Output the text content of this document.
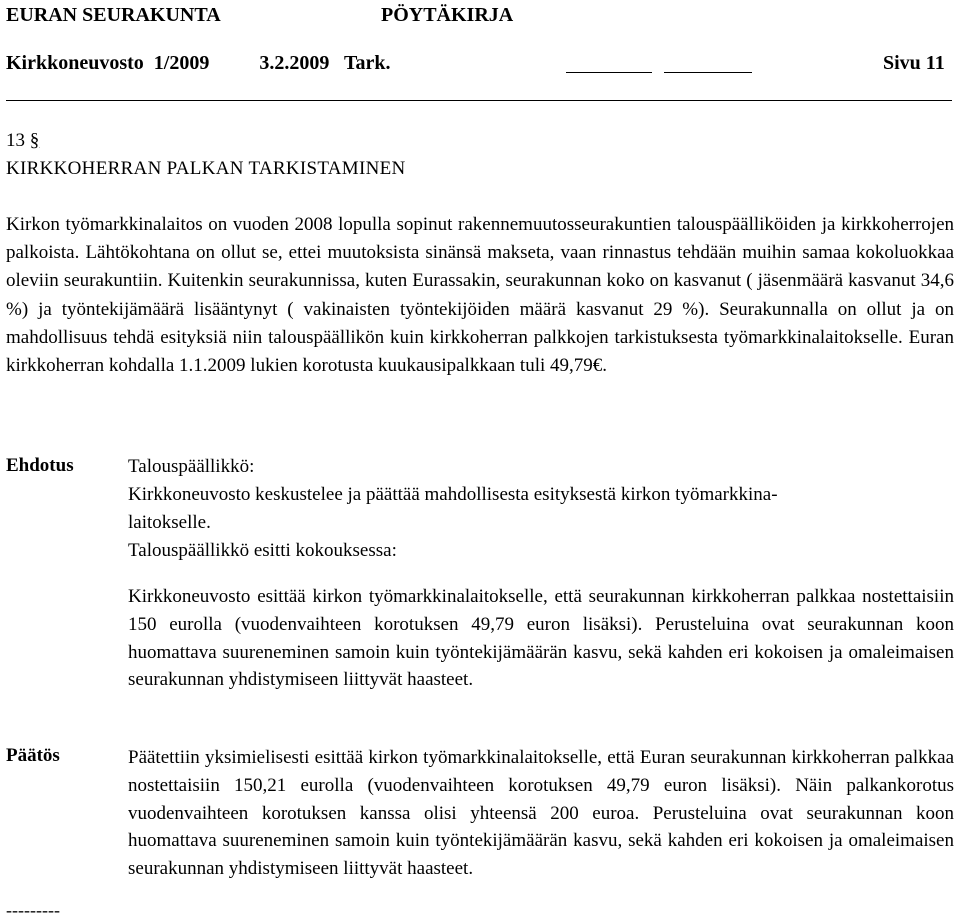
EURAN SEURAKUNTA	PÖYTÄKIRJA
Kirkkoneuvosto  1/2009          3.2.2009   Tark.	Sivu 11
13 §
KIRKKOHERRAN PALKAN TARKISTAMINEN

Kirkon työmarkkinalaitos on vuoden 2008 lopulla sopinut rakennemuutosseurakuntien talouspäälliköiden ja kirkkoherrojen palkoista. Lähtökohtana on ollut se, ettei muutoksista sinänsä makseta, vaan rinnastus tehdään muihin samaa kokoluokkaa oleviin seurakuntiin. Kuitenkin seurakunnissa, kuten Eurassakin, seurakunnan koko on kasvanut ( jäsenmäärä kasvanut 34,6 %) ja työntekijämäärä lisääntynyt ( vakinaisten työntekijöiden määrä kasvanut 29 %). Seurakunnalla on ollut ja on mahdollisuus tehdä esityksiä niin talouspäällikön kuin kirkkoherran palkkojen tarkistuksesta työmarkkinalaitokselle. Euran kirkkoherran kohdalla 1.1.2009 lukien korotusta kuukausipalkkaan tuli 49,79€.

Ehdotus	Talouspäällikkö:
Kirkkoneuvosto keskustelee ja päättää mahdollisesta esityksestä kirkon työmarkkina-
laitokselle.
Talouspäällikkö esitti kokouksessa:

Kirkkoneuvosto esittää kirkon työmarkkinalaitokselle, että seurakunnan kirkkoherran palkkaa nostettaisiin 150 eurolla (vuodenvaihteen korotuksen 49,79 euron lisäksi). Perusteluina ovat seurakunnan koon huomattava suureneminen samoin kuin työntekijämäärän kasvu, sekä kahden eri kokoisen ja omaleimaisen seurakunnan yhdistymiseen liittyvät haasteet.

Päätös	Päätettiin yksimielisesti esittää kirkon työmarkkinalaitokselle, että Euran seurakunnan kirkkoherran palkkaa nostettaisiin 150,21 eurolla (vuodenvaihteen korotuksen 49,79 euron lisäksi). Näin palkankorotus vuodenvaihteen korotuksen kanssa olisi yhteensä 200 euroa. Perusteluina ovat seurakunnan koon huomattava suureneminen samoin kuin työntekijämäärän kasvu, sekä kahden eri kokoisen ja omaleimaisen seurakunnan yhdistymiseen liittyvät haasteet.

---------
